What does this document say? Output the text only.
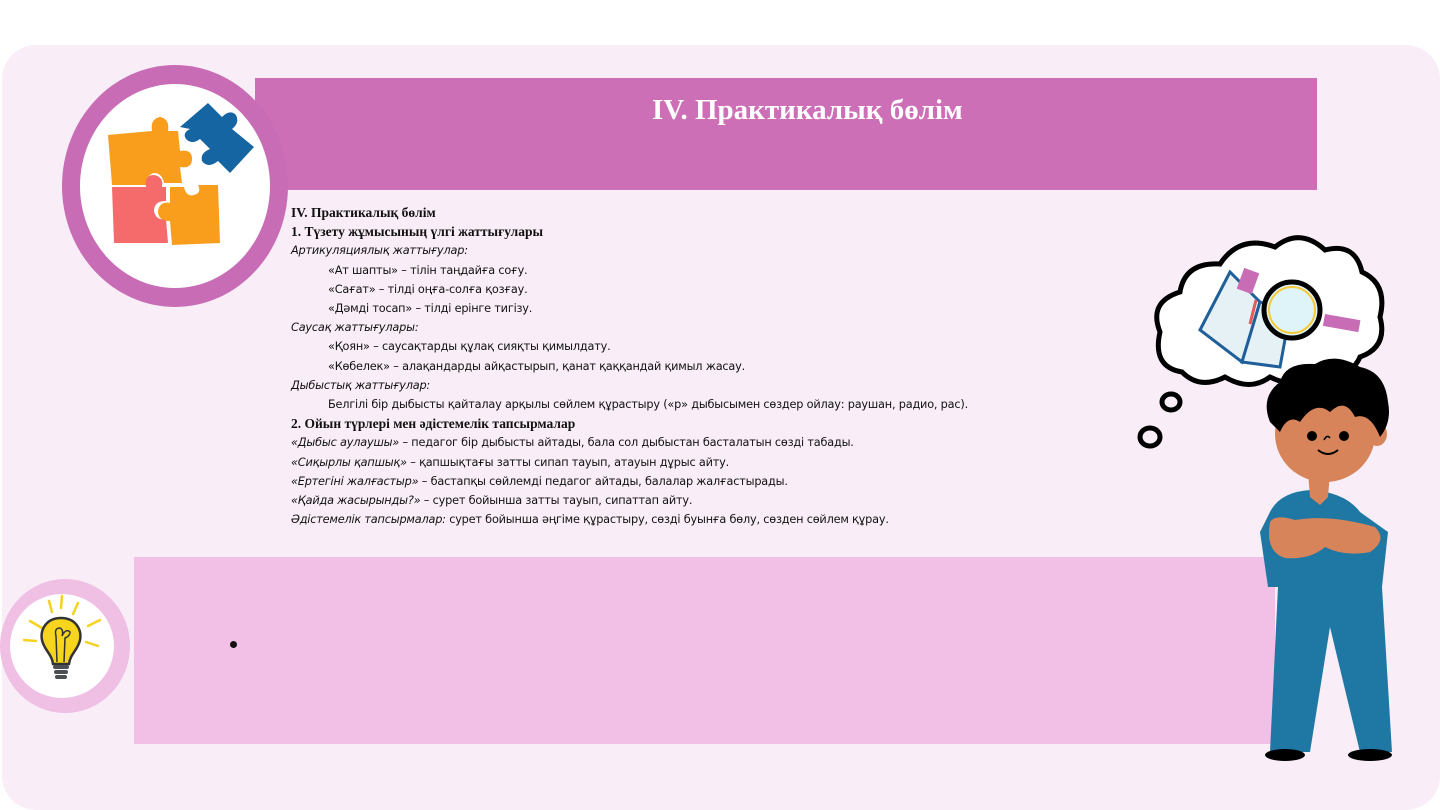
IV. Практикалық бөлім
IV. Практикалық бөлім
1. Түзету жұмысының үлгі жаттығулары
Артикуляциялық жаттығулар:
«Ат шапты» – тілін таңдайға соғу.
«Сағат» – тілді оңға-солға қозғау.
«Дәмді тосап» – тілді ерінге тигізу.
Саусақ жаттығулары:
«Қоян» – саусақтарды құлақ сияқты қимылдату.
«Көбелек» – алақандарды айқастырып, қанат қаққандай қимыл жасау.
Дыбыстық жаттығулар:
Белгілі бір дыбысты қайталау арқылы сөйлем құрастыру («р» дыбысымен сөздер ойлау: раушан, радио, рас).
2. Ойын түрлері мен әдістемелік тапсырмалар
«Дыбыс аулаушы» – педагог бір дыбысты айтады, бала сол дыбыстан басталатын сөзді табады.
«Сиқырлы қапшық» – қапшықтағы затты сипап тауып, атауын дұрыс айту.
«Ертегіні жалғастыр» – бастапқы сөйлемді педагог айтады, балалар жалғастырады.
«Қайда жасырынды?» – сурет бойынша затты тауып, сипаттап айту.
Әдістемелік тапсырмалар: сурет бойынша әңгіме құрастыру, сөзді буынға бөлу, сөзден сөйлем құрау.
